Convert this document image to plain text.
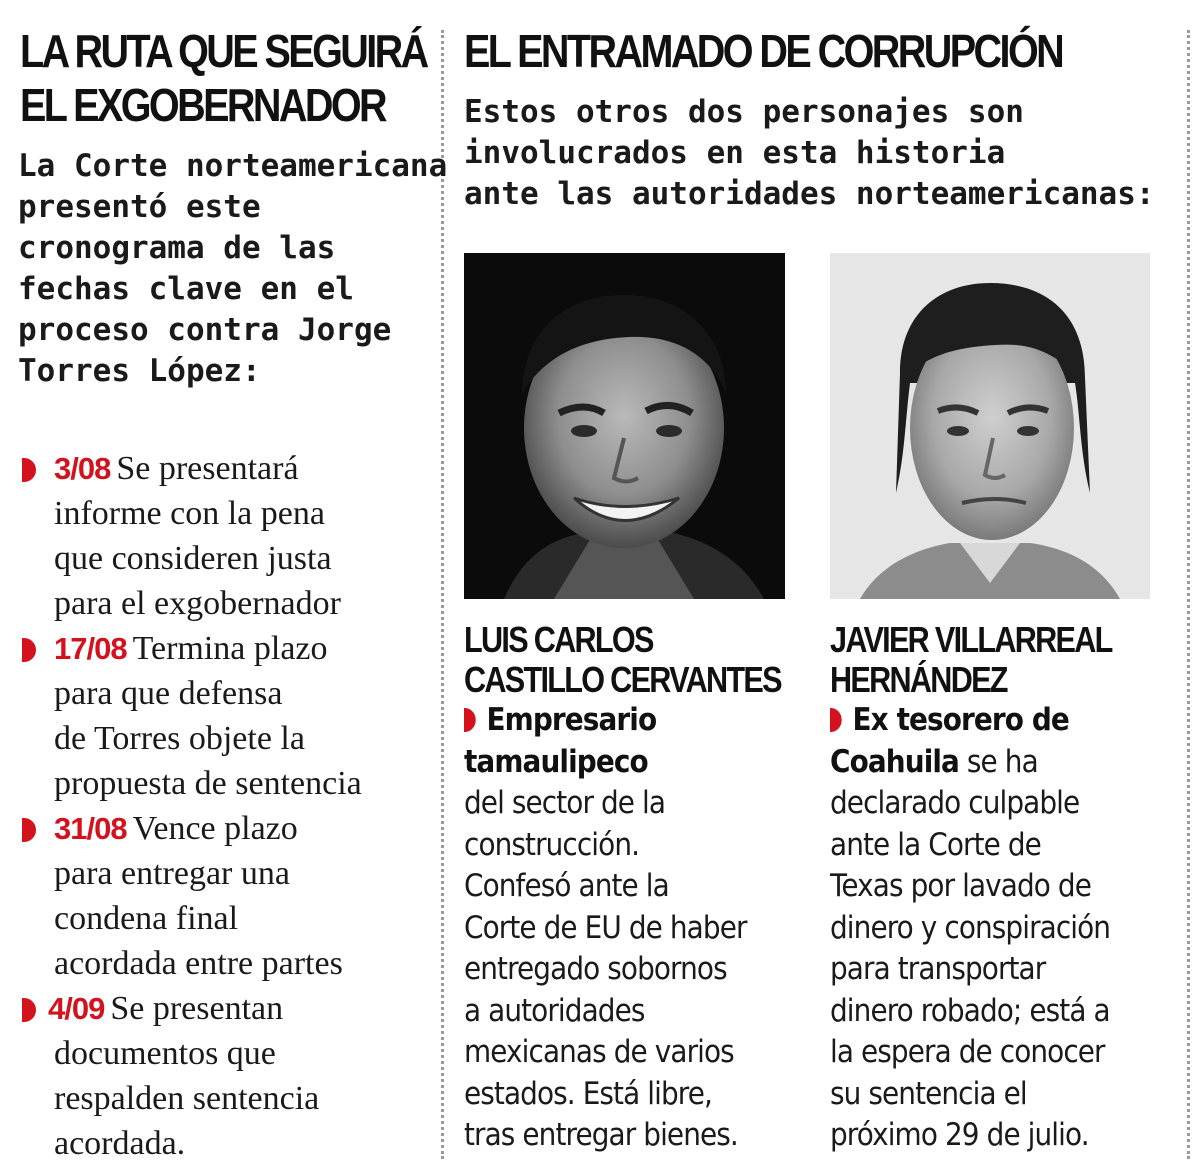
LA RUTA QUE SEGUIRÁ
EL EXGOBERNADOR
La Corte norteamericana
presentó este
cronograma de las
fechas clave en el
proceso contra Jorge
Torres López:
3/08 Se presentará
informe con la pena
que consideren justa
para el exgobernador
17/08 Termina plazo
para que defensa
de Torres objete la
propuesta de sentencia
31/08 Vence plazo
para entregar una
condena final
acordada entre partes
4/09 Se presentan
documentos que
respalden sentencia
acordada.
EL ENTRAMADO DE CORRUPCIÓN
Estos otros dos personajes son
involucrados en esta historia
ante las autoridades norteamericanas:
LUIS CARLOS
CASTILLO CERVANTES
Empresario
tamaulipeco
del sector de la
construcción.
Confesó ante la
Corte de EU de haber
entregado sobornos
a autoridades
mexicanas de varios
estados. Está libre,
tras entregar bienes.
JAVIER VILLARREAL
HERNÁNDEZ
Ex tesorero de
Coahuila se ha
declarado culpable
ante la Corte de
Texas por lavado de
dinero y conspiración
para transportar
dinero robado; está a
la espera de conocer
su sentencia el
próximo 29 de julio.
